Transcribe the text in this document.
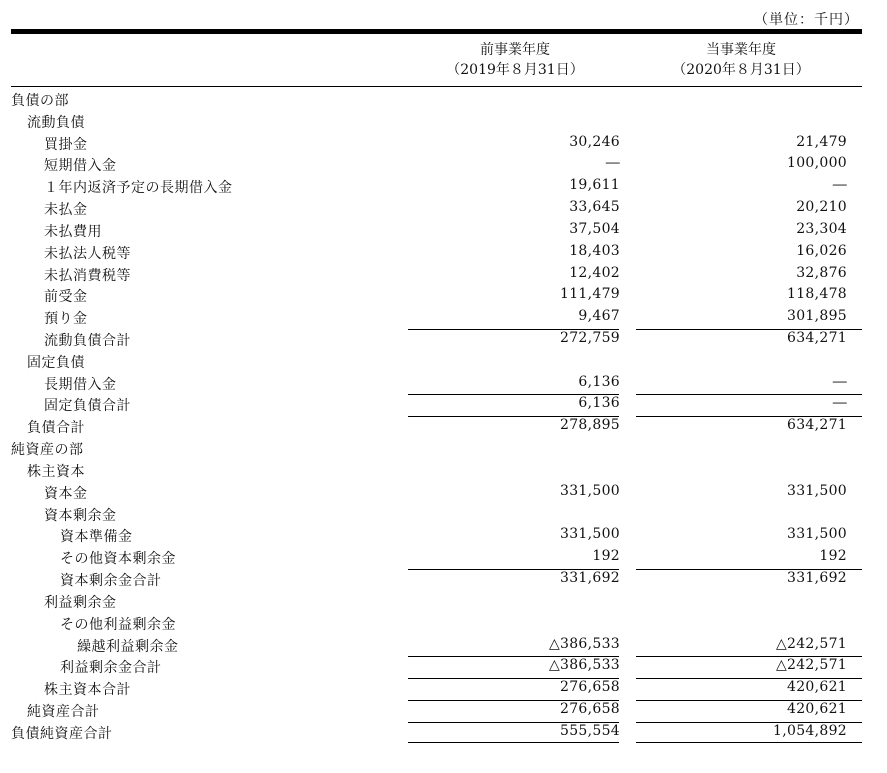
（単位：千円）
前事業年度
（2019年８月31日）
当事業年度
（2020年８月31日）
負債の部
流動負債
買掛金	30,246	21,479
短期借入金	―	100,000
１年内返済予定の長期借入金	19,611	―
未払金	33,645	20,210
未払費用	37,504	23,304
未払法人税等	18,403	16,026
未払消費税等	12,402	32,876
前受金	111,479	118,478
預り金	9,467	301,895
流動負債合計	272,759	634,271
固定負債
長期借入金	6,136	―
固定負債合計	6,136	―
負債合計	278,895	634,271
純資産の部
株主資本
資本金	331,500	331,500
資本剰余金
資本準備金	331,500	331,500
その他資本剰余金	192	192
資本剰余金合計	331,692	331,692
利益剰余金
その他利益剰余金
繰越利益剰余金	△386,533	△242,571
利益剰余金合計	△386,533	△242,571
株主資本合計	276,658	420,621
純資産合計	276,658	420,621
負債純資産合計	555,554	1,054,892
